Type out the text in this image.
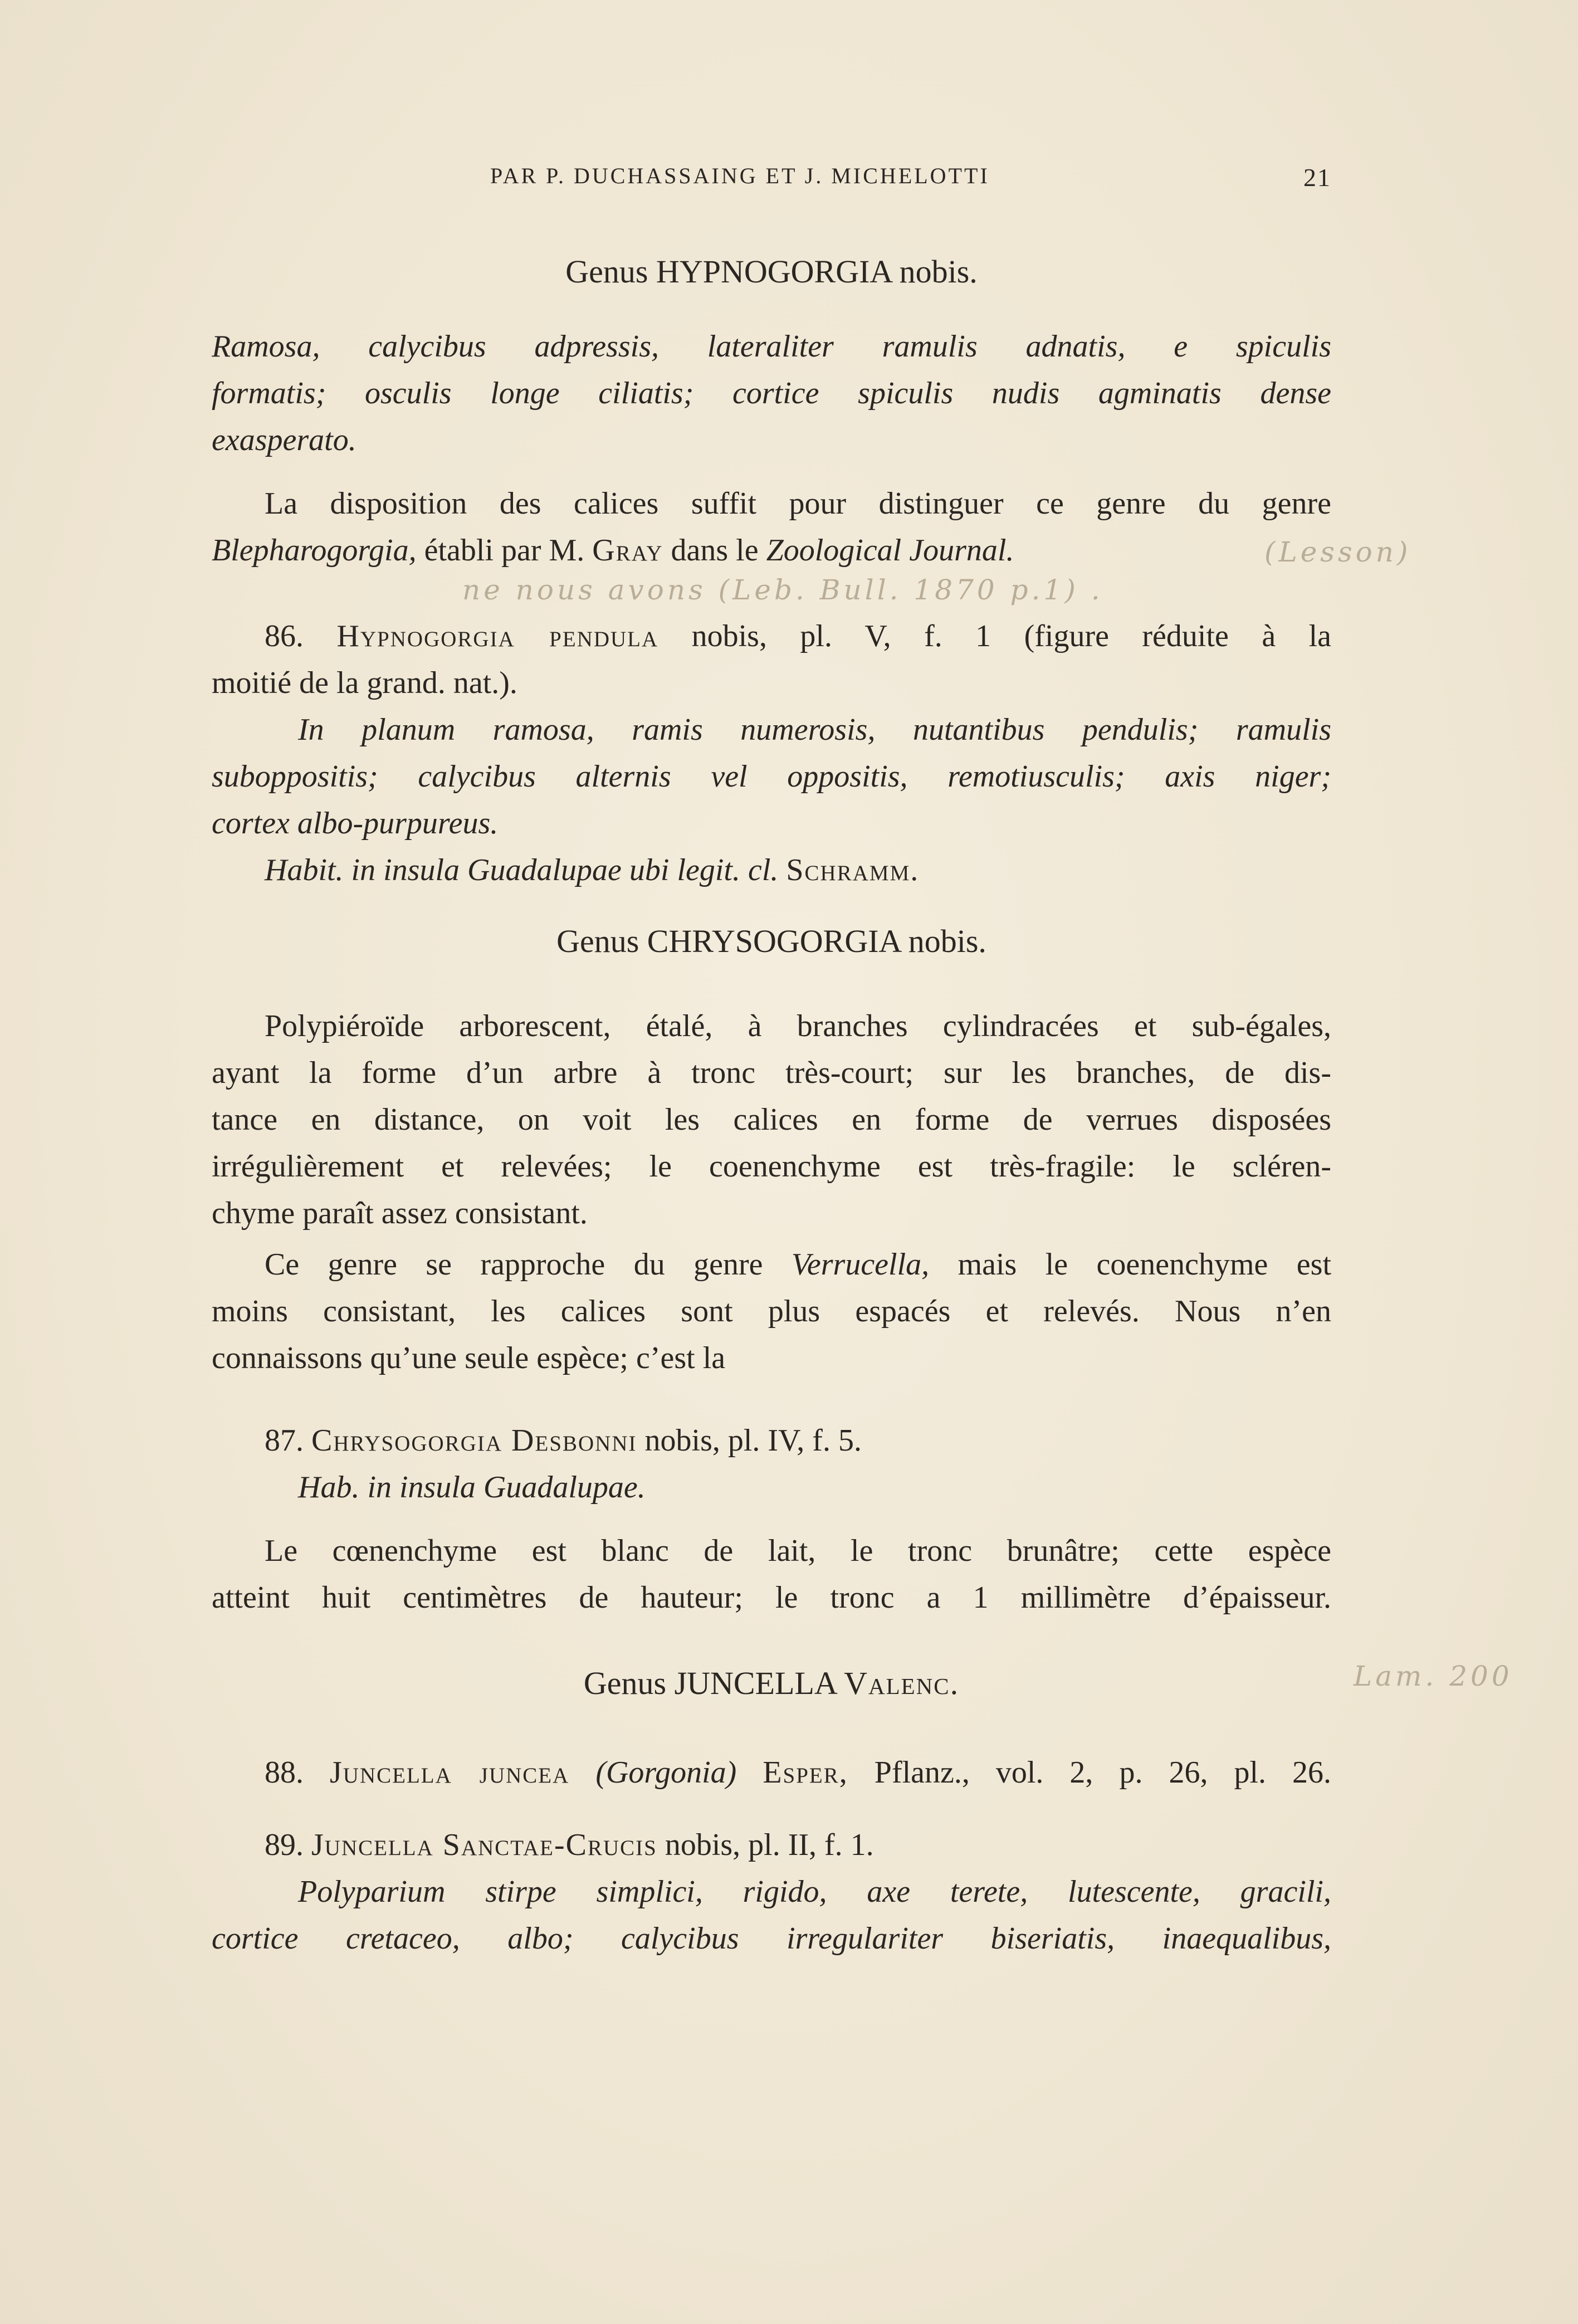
PAR P. DUCHASSAING ET J. MICHELOTTI	21
Genus HYPNOGORGIA nobis.
Ramosa, calycibus adpressis, lateraliter ramulis adnatis, e spiculis
formatis; osculis longe ciliatis; cortice spiculis nudis agminatis dense
exasperato.
La disposition des calices suffit pour distinguer ce genre du genre
Blepharogorgia, établi par M. Gray dans le Zoological Journal.
86. Hypnogorgia pendula nobis, pl. V, f. 1 (figure réduite à la
moitié de la grand. nat.).
In planum ramosa, ramis numerosis, nutantibus pendulis; ramulis
suboppositis; calycibus alternis vel oppositis, remotiusculis; axis niger;
cortex albo-purpureus.
Habit. in insula Guadalupae ubi legit. cl. Schramm.
Genus CHRYSOGORGIA nobis.
Polypiéroïde arborescent, étalé, à branches cylindracées et sub-égales,
ayant la forme d’un arbre à tronc très-court; sur les branches, de dis-
tance en distance, on voit les calices en forme de verrues disposées
irrégulièrement et relevées; le coenenchyme est très-fragile: le scléren-
chyme paraît assez consistant.
Ce genre se rapproche du genre Verrucella, mais le coenenchyme est
moins consistant, les calices sont plus espacés et relevés. Nous n’en
connaissons qu’une seule espèce; c’est la
87. Chrysogorgia Desbonni nobis, pl. IV, f. 5.
Hab. in insula Guadalupae.
Le cœnenchyme est blanc de lait, le tronc brunâtre; cette espèce
atteint huit centimètres de hauteur; le tronc a 1 millimètre d’épaisseur.
Genus JUNCELLA Valenc.
88. Juncella juncea (Gorgonia) Esper, Pflanz., vol. 2, p. 26, pl. 26.
89. Juncella Sanctae-Crucis nobis, pl. II, f. 1.
Polyparium stirpe simplici, rigido, axe terete, lutescente, gracili,
cortice cretaceo, albo; calycibus irregulariter biseriatis, inaequalibus,
(Lesson)
ne nous avons (Leb. Bull. 1870 p.1) .
Lam. 200
